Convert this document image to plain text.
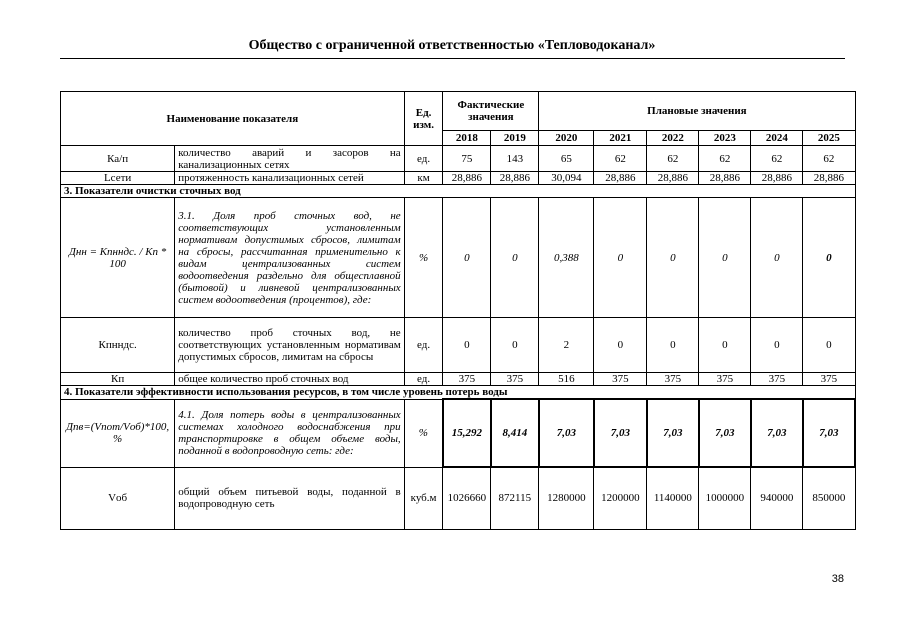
Общество с ограниченной ответственностью «Тепловодоканал»
Наименование показателя		Ед. изм.	Фактические значения		Плановые значения					
			2018	2019	2020	2021	2022	2023	2024	2025
Ка/п	количество аварий и засоров на канализационных сетях	ед.	75	143	65	62	62	62	62	62
Lсети	протяженность канализационных сетей	км	28,886	28,886	30,094	28,886	28,886	28,886	28,886	28,886
3. Показатели очистки сточных вод										
Днн = Кпнндс. / Кп * 100	3.1. Доля проб сточных вод, не соответствующих установленным нормативам допустимых сбросов, лимитам на сбросы, рассчитанная применительно к видам централизованных систем водоотведения раздельно для общесплавной (бытовой) и ливневой централизованных систем водоотведения (процентов), где:	%	0	0	0,388	0	0	0	0	0
Кпнндс.	количество проб сточных вод, не соответствующих установленным нормативам допустимых сбросов, лимитам на сбросы	ед.	0	0	2	0	0	0	0	0
Кп	общее количество проб сточных вод	ед.	375	375	516	375	375	375	375	375
4. Показатели эффективности использования ресурсов, в том числе уровень потерь воды										
Дпв=(Vпот/Vоб)*100, %	4.1. Доля потерь воды в централизованных системах холодного водоснабжения при транспортировке в общем объеме воды, поданной в водопроводную сеть: где:	%	15,292	8,414	7,03	7,03	7,03	7,03	7,03	7,03
Vоб	общий объем питьевой воды, поданной в водопроводную сеть	куб.м	1026660	872115	1280000	1200000	1140000	1000000	940000	850000
38
